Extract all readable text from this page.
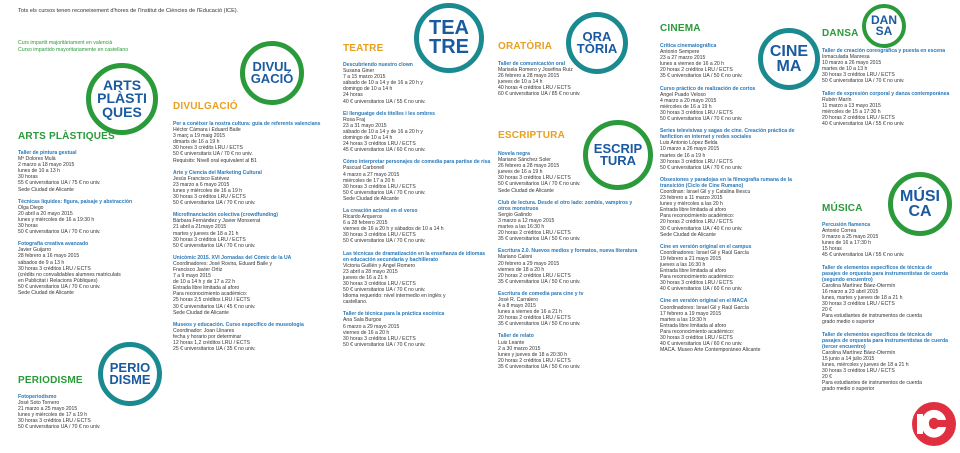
Tots els cursos tenen reconeixement d'hores de l'Institut de Ciències de l'Educació (ICE).
Curs impartit majoritàriament en valencià
Curso impartido mayoritariamente en castellano
ARTS
PLÀSTI
QUES
DIVUL
GACIÓ
TEA
TRE	ORA
TÒRIA
ESCRIP
TURA
CINE
MA
DAN
SA
MÚSI
CA
PERIO
DISME
ARTS PLÀSTIQUES
DIVULGACIÓ
TEATRE	ORATÒRIA
ESCRIPTURA
CINEMA	DANSA
MÚSICA
PERIODISME
Taller de pintura gestual
Mª Dolores Mulà
2 marzo a 18 mayo 2015
lunes de 10 a 13 h
30 horas
55 € universitarios UA / 75 € no univ.
Sede Ciudad de Alicante
Técnicas líquides: figura, paisaje y abstracción
Olga Diego
20 abril a 20 mayo 2015
lunes y miércoles de 16 a 19:30 h
30 horas
50 € universitarios UA / 70 € no univ.
Fotografía creativa avanzado
Javier Guijarro
28 febrero a 16 mayo 2015
sábados de 9 a 13 h
30 horas 3 créditos LRU / ECTS
(crèdits no convalidables alumnes matriculats
en Publicitat i Relacions Públiques)
50 € universitarios UA / 70 € no univ.
Sede Ciudad de Alicante
Fotoperiodismo
José Soto Tornero
21 marzo a 25 mayo 2015
lunes y miércoles de 17 a 19 h
30 horas 3 créditos LRU / ECTS
50 € universitarios UA / 70 € no univ.
Per a conèixer la nostra cultura: guia de referents valencians
Héctor Càmara i Eduard Baile
3 març a 19 maig 2015
dimarts de 16 a 19 h
30 hores 3 crèdits LRU / ECTS
50 € universitaris UA / 70 € no univ.
Requisits: Nivell oral equivalent al B1
Arte y Ciencia del Marketing Cultural
Jesús Francisco Estévez
23 marzo a 6 mayo 2015
lunes y miércoles de 16 a 19 h
30 horas 3 créditos LRU / ECTS
50 € universitarios UA / 70 € no univ.
Microfinanciación colectiva (crowdfunding)
Bárbara Fernández y Javier Monserrat
21 abril a 21mayo 2015
martes y jueves de 18 a 21 h
30 horas 3 créditos LRU / ECTS
50 € universitarios UA / 70 € no univ.
Unicòmic 2015. XVI Jornadas del Còmic de la UA
Coordinadores: José Rovira, Eduard Baile y
Francisco Javier Ortiz
7 a 9 mayo 2015
de 10 a 14 h y de 17 a 22 h
Entrada libre limitada al aforo
Para reconocimiento académico:
25 horas 2,5 créditos LRU / ECTS
30 € universitarios UA / 45 € no univ.
Sede Ciudad de Alicante
Museos y educación. Curso específico de museología
Coordinador: Joan Llinares
fecha y horario por determinar
12 horas 1,2 créditos LRU / ECTS
25 € universitarios UA / 35 € no univ.
Descubriendo nuestro clown
Susana Giner
7 a 15 marzo 2015
sábado de 10 a 14 y de 16 a 20 h y
domingo de 10 a 14 h
24 horas
40 € universitarios UA / 55 € no univ.
El llenguatge dels titelles i les ombres
Rosa Fraj
23 a 31 mayo 2015
sábado de 10 a 14 y de 16 a 20 h y
domingo de 10 a 14 h
24 horas 3 créditos LRU / ECTS
45 € universitarios UA / 60 € no univ.
Cómo interpretar personajes de comedia para partise de risa
Pascual Carbonell
4 marzo a 27 mayo 2015
miércoles de 17 a 20 h
30 horas 3 créditos LRU / ECTS
50 € universitarios UA / 70 € no univ.
Sede Ciudad de Alicante
La creación actoral en el verso
Ricardo Arqueros
6 a 28 febrero 2015
viernes de 16 a 20 h y sábados de 10 a 14 h
30 horas 3 créditos LRU / ECTS
50 € universitarios UA / 70 € no univ.
Las técnicas de dramatización en la enseñanza de idiomas en educación secundaria y bachillerato
Victoria Guillén y Ángel Romero
23 abril a 28 mayo 2015
jueves de 16 a 21 h
30 horas 3 créditos LRU / ECTS
50 € universitarios UA / 70 € no univ.
Idioma requerido: nivel intermedio en inglés y
castellano.
Taller de técnica para la práctica escénica
Ana Sala Burgos
6 marzo a 29 mayo 2015
viernes de 16 a 20 h
30 horas 3 créditos LRU / ECTS
50 € universitarios UA / 70 € no univ.
Taller de comunicación oral
Marisela Romero y Josefina Ruiz
26 febrero a 28 mayo 2015
jueves de 10 a 14 h
40 horas 4 créditos LRU / ECTS
60 € universitarios UA / 85 € no univ.
Novela negra
Mariano Sánchez Soler
26 febrero a 28 mayo 2015
jueves de 16 a 19 h
30 horas 3 créditos LRU / ECTS
50 € universitarios UA / 70 € no univ.
Sede Ciudad de Alicante
Club de lectura. Desde el otro lado: zombis, vampiros y otros monstruos
Sergio Galindo
3 marzo a 12 mayo 2015
martes a las 16:30 h
20 horas 2 créditos LRU / ECTS
35 € universitarios UA / 50 € no univ.
Escritura 2.0. Nuevos medios y formatos, nueva literatura
Mariano Caloni
20 febrero a 29 mayo 2015
viernes de 18 a 20 h
20 horas 2 créditos LRU / ECTS
35 € universitarios UA / 50 € no univ.
Escritura de comedia para cine y tv
José R. Carralero
4 a 8 mayo 2015
lunes a viernes de 16 a 21 h
20 horas 2 créditos LRU / ECTS
35 € universitarios UA / 50 € no univ.
Taller de relato
Luis Leante
2 a 30 marzo 2015
lunes y jueves de 18 a 20:30 h
20 horas 2 créditos LRU / ECTS
35 € universitarios UA / 50 € no univ.
Crítica cinematográfica
Antonio Sempere
23 a 27 marzo 2015
lunes a viernes de 16 a 20 h
20 horas 2 créditos LRU / ECTS
35 € universitarios UA / 50 € no univ.
Curso práctico de realización de cortos
Ángel Puado Veloso
4 marzo a 20 mayo 2015
miércoles de 16 a 19 h
30 horas 3 créditos LRU / ECTS
50 € universitarios UA / 70 € no univ.
Series televisivas y sagas de cine. Creación práctica de fanfiction en internet y redes sociales
Luis Antonio López Belda
10 marzo a 26 mayo 2015
martes de 16 a 19 h
30 horas 3 créditos LRU / ECTS
50 € universitarios UA / 70 € no univ.
Obsesiones y paradojas en la filmografía rumana de la transición (Ciclo de Cine Rumano)
Coordinan: Israel Gil y y Catalina Iliescu
23 febrero a 11 marzo 2015
lunes y miércoles a las 20 h
Entrada libre limitada al aforo
Para reconocimiento académico:
20 horas 2 créditos LRU / ECTS
30 € universitarios UA / 40 € no univ.
Sede Ciudad de Alicante
Cine en versión original en el campus
Coordinadores: Israel Gil y Raúl García
19 febrero a 21 mayo 2015
jueves a las 16:30 h
Entrada libre limitada al aforo
Para reconocimiento académico:
30 horas 3 créditos LRU / ECTS
40 € universitarios UA / 60 € no univ.
Cine en versión original en el MACA
Coordinadores: Israel Gil y Raúl García
17 febrero a 19 mayo 2015
martes a las 19:30 h
Entrada libre limitada al aforo
Para reconocimiento académico:
30 horas 3 créditos LRU / ECTS
40 € universitarios UA / 60 € no univ.
MACA. Museo Arte Contemporáneo Alicante
Taller de creación coreográfica y puesta en escena
Inmaculada Manresa
10 marzo a 26 mayo 2015
martes de 10 a 13 h
30 horas 3 créditos LRU / ECTS
50 € universitarios UA / 70 € no univ.
Taller de expresión corporal y danza contemporánea
Rubén Marín
11 marzo a 13 mayo 2015
miércoles de 15 a 17:30 h
20 horas 2 créditos LRU / ECTS
40 € universitarios UA / 55 € no univ.
Percusión flamenca
Antonio Correa
9 marzo a 25 mayo 2015
lunes de 16 a 17:30 h
15 horas
45 € universitarios UA / 55 € no univ.
Taller de elementos específicos de técnica de pasajes de orquesta para instrumentistas de cuerda (segundo encuentro)
Carolina Martínez Báez-Otermín
16 marzo a 23 abril 2015
lunes, martes y jueves de 18 a 21 h
30 horas 3 créditos LRU / ECTS
20 €
Para estudiantes de instrumentos de cuerda
grado medio o superior
Taller de elementos específicos de técnica de pasajes de orquesta para instrumentistas de cuerda (tercer encuentro)
Carolina Martínez Báez-Otermín
15 junio a 14 julio 2015
lunes, miércoles y jueves de 18 a 21 h
30 horas 3 créditos LRU / ECTS
20 €
Para estudiantes de instrumentos de cuerda
grado medio o superior
